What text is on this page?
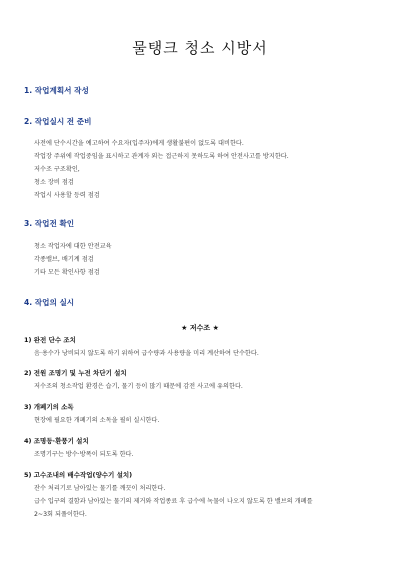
물탱크 청소 시방서
1. 작업계획서 작성
2. 작업실시 전 준비
사전에 단수시간을 예고하여 수요자(입주자)에게 생활불편이 없도록 대비한다.
작업장 주위에 작업중임을 표시하고 관계자 외는 접근하지 못하도록 하여 안전사고를 방지한다.
저수조 구조확인,
청소 장비 점검
작업시 사용할 등력 점검
3. 작업전 확인
청소 작업자에 대한 안전교육
각종밸브, 배기계 점검
기타 모든 확인사항 점검
4. 작업의 실시
★ 저수조 ★
1) 완전 단수 조치
음·용수가 낭비되지 않도록 하기 위하여 급수량과 사용량을 미리 계산하여 단수한다.
2) 전원 조명기 및 누전 차단기 설치
저수조의 청소작업 환경은 습기, 물기 등이 많기 때문에 감전 사고에 유의한다.
3) 개폐기의 소독
현장에 필요한 개폐기의 소독을 필히 실시한다.
4) 조명등·환풍기 설치
조명기구는 방수·방폭이 되도록 한다.
5) 고수조내의 배수작업(양수기 설치)
잔수 처리기로 남아있는 물기를 깨끗이 처리한다.
급수 입구의 결함과 남아있는 물기의 제거와 작업종료 후 급수에 녹물이 나오지 않도록 한 밸브의 개폐를
2~3회 되풀이한다.
